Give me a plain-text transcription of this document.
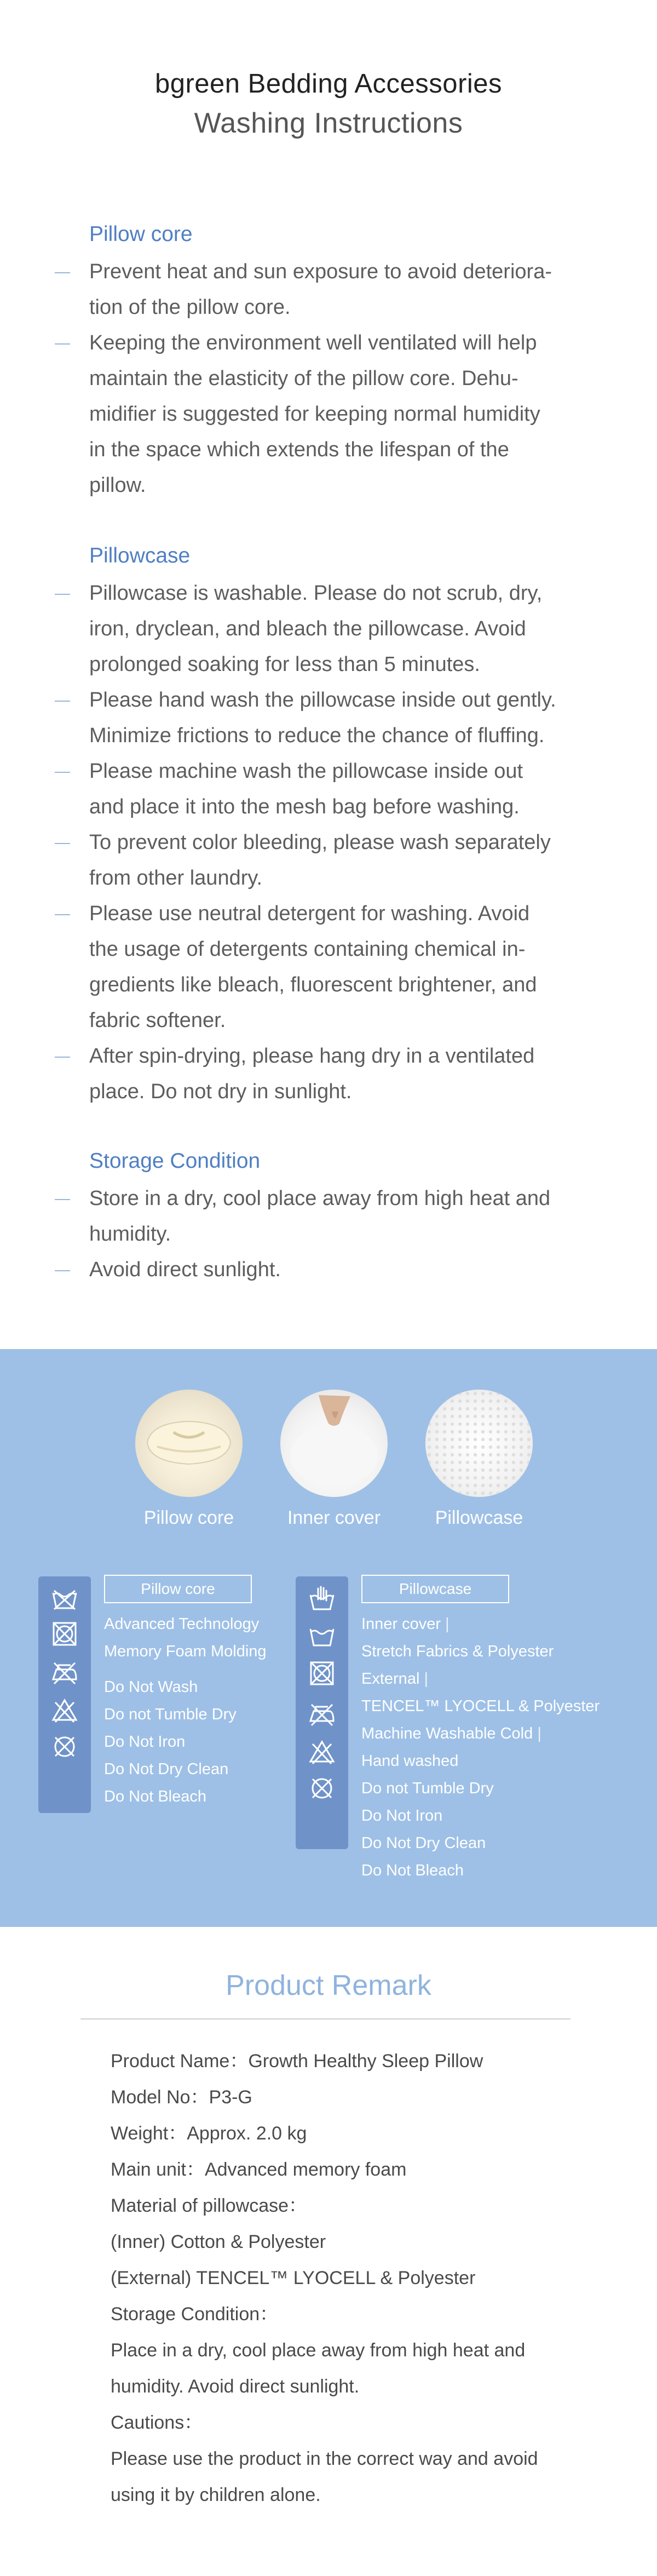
bgreen Bedding Accessories
Washing Instructions
Pillow core
Prevent heat and sun exposure to avoid deteriora-
tion of the pillow core.
Keeping the environment well ventilated will help
maintain the elasticity of the pillow core. Dehu-
midifier is suggested for keeping normal humidity
in the space which extends the lifespan of the
pillow.
Pillowcase
Pillowcase is washable. Please do not scrub, dry,
iron, dryclean, and bleach the pillowcase. Avoid
prolonged soaking for less than 5 minutes.
Please hand wash the pillowcase inside out gently.
Minimize frictions to reduce the chance of fluffing.
Please machine wash the pillowcase inside out
and place it into the mesh bag before washing.
To prevent color bleeding, please wash separately
from other laundry.
Please use neutral detergent for washing. Avoid
the usage of detergents containing chemical in-
gredients like bleach, fluorescent brightener, and
fabric softener.
After spin-drying, please hang dry in a ventilated
place. Do not dry in sunlight.
Storage Condition
Store in a dry, cool place away from high heat and
humidity.
Avoid direct sunlight.
Pillow core	Inner cover	Pillowcase
Pillow core
Advanced Technology
Memory Foam Molding
Do Not Wash
Do not Tumble Dry
Do Not Iron
Do Not Dry Clean
Do Not Bleach
Pillowcase
Inner cover |
Stretch Fabrics & Polyester
External |
TENCEL™ LYOCELL & Polyester
Machine Washable Cold |
Hand washed
Do not Tumble Dry
Do Not Iron
Do Not Dry Clean
Do Not Bleach
Product Remark
Product Name：Growth Healthy Sleep Pillow
Model No：P3-G
Weight：Approx. 2.0 kg
Main unit：Advanced memory foam
Material of pillowcase：
(Inner) Cotton & Polyester
(External) TENCEL™ LYOCELL & Polyester
Storage Condition：
Place in a dry, cool place away from high heat and
humidity. Avoid direct sunlight.
Cautions：
Please use the product in the correct way and avoid
using it by children alone.
